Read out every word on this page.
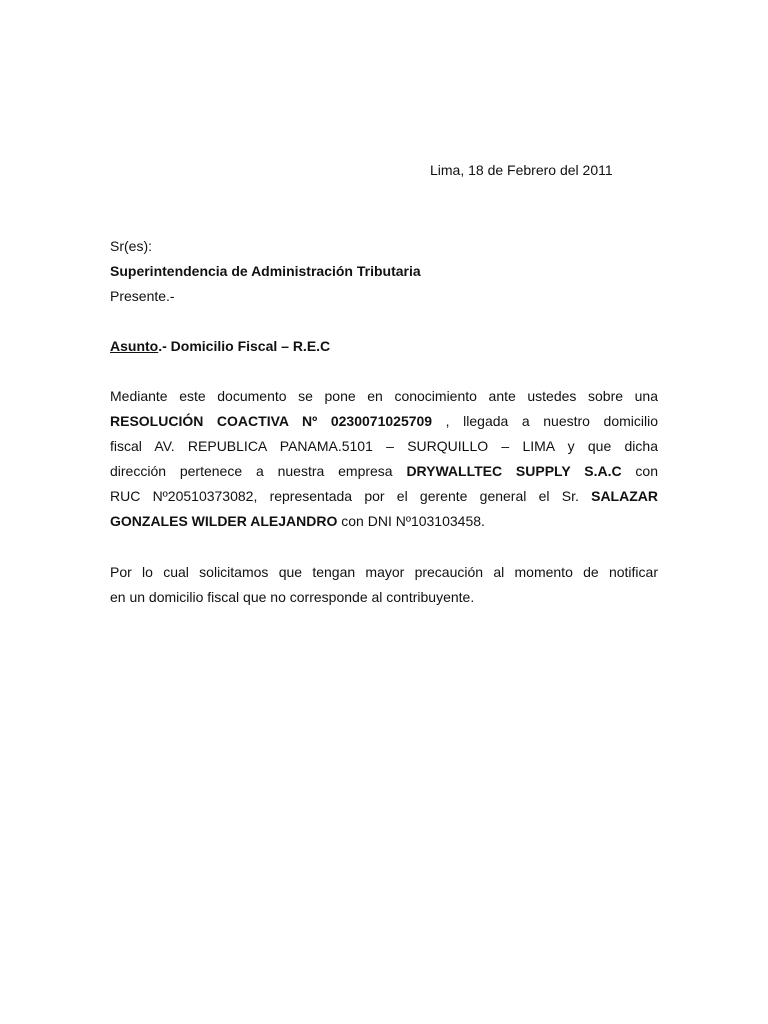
Lima, 18 de Febrero del 2011
Sr(es):
Superintendencia de Administración Tributaria
Presente.-
Asunto.- Domicilio Fiscal – R.E.C
Mediante este documento se pone en conocimiento ante ustedes sobre una
RESOLUCIÓN COACTIVA Nº 0230071025709 , llegada a nuestro domicilio
fiscal AV. REPUBLICA PANAMA.5101 – SURQUILLO – LIMA y que dicha
dirección pertenece a nuestra empresa DRYWALLTEC SUPPLY S.A.C con
RUC Nº20510373082, representada por el gerente general el Sr. SALAZAR
GONZALES WILDER ALEJANDRO con DNI Nº103103458.
Por lo cual solicitamos que tengan mayor precaución al momento de notificar
en un domicilio fiscal que no corresponde al contribuyente.
